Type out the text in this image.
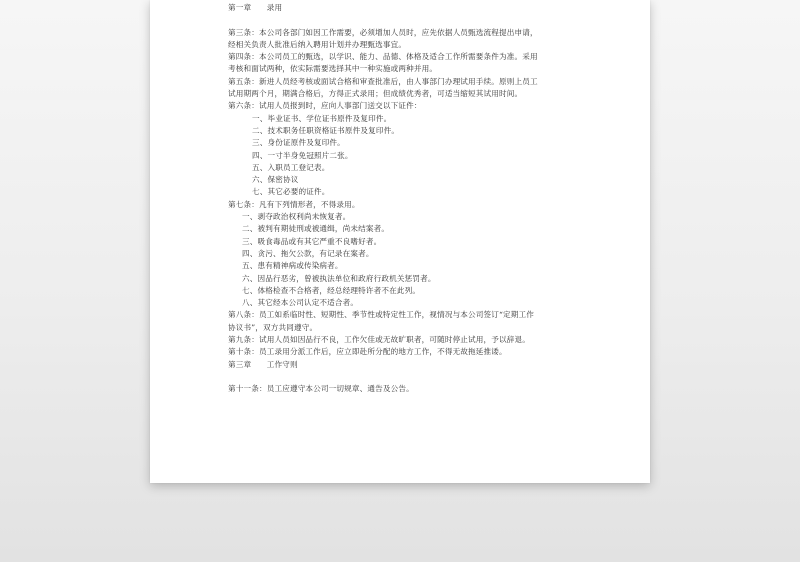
第一章　　录用
第三条：本公司各部门如因工作需要，必须增加人员时，应先依据人员甄选流程提出申请，
经相关负责人批准后纳入聘用计划并办理甄选事宜。
第四条：本公司员工的甄选，以学识、能力、品德、体格及适合工作所需要条件为准。采用
考核和面试两种，依实际需要选择其中一种实施或两种并用。
第五条：新进人员经考核或面试合格和审查批准后，由人事部门办理试用手续。原则上员工
试用期两个月，期满合格后，方得正式录用；但成绩优秀者，可适当缩短其试用时间。
第六条：试用人员报到时，应向人事部门送交以下证件：
一、毕业证书、学位证书原件及复印件。
二、技术职务任职资格证书原件及复印件。
三、身份证原件及复印件。
四、一寸半身免冠照片二张。
五、入职员工登记表。
六、保密协议
七、其它必要的证件。
第七条：凡有下列情形者，不得录用。
一、剥夺政治权利尚未恢复者。
二、被判有期徒刑或被通缉，尚未结案者。
三、吸食毒品或有其它严重不良嗜好者。
四、贪污、拖欠公款，有记录在案者。
五、患有精神病或传染病者。
六、因品行恶劣，曾被执法单位和政府行政机关惩罚者。
七、体格检查不合格者，经总经理特许者不在此列。
八、其它经本公司认定不适合者。
第八条：员工如系临时性、短期性、季节性或特定性工作，视情况与本公司签订“定期工作
协议书”，双方共同遵守。
第九条：试用人员如因品行不良，工作欠佳或无故旷职者，可随时停止试用，予以辞退。
第十条：员工录用分派工作后，应立即赴所分配的地方工作，不得无故拖延推诿。
第三章　　工作守则
第十一条：员工应遵守本公司一切规章、通告及公告。
